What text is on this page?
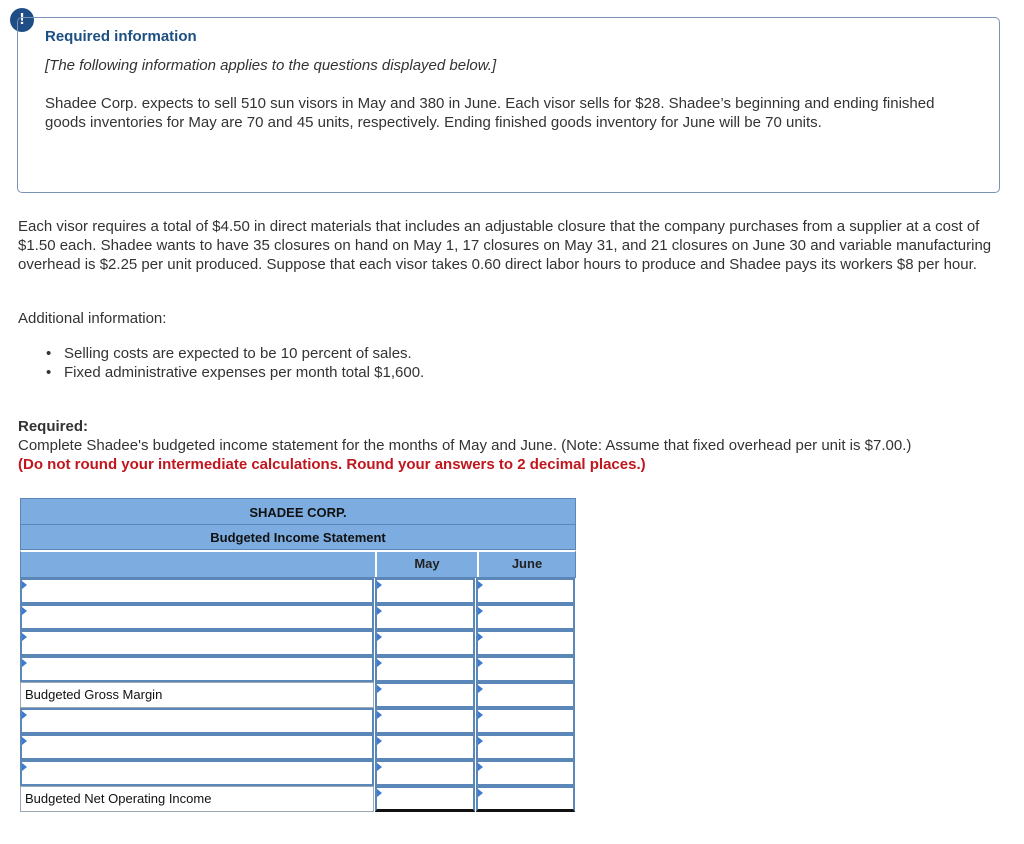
!

Required information

[The following information applies to the questions displayed below.]

Shadee Corp. expects to sell 510 sun visors in May and 380 in June. Each visor sells for $28. Shadee’s beginning and ending finished goods inventories for May are 70 and 45 units, respectively. Ending finished goods inventory for June will be 70 units.

Each visor requires a total of $4.50 in direct materials that includes an adjustable closure that the company purchases from a supplier at a cost of $1.50 each. Shadee wants to have 35 closures on hand on May 1, 17 closures on May 31, and 21 closures on June 30 and variable manufacturing overhead is $2.25 per unit produced. Suppose that each visor takes 0.60 direct labor hours to produce and Shadee pays its workers $8 per hour.

Additional information:

• Selling costs are expected to be 10 percent of sales.
• Fixed administrative expenses per month total $1,600.
Required:
Complete Shadee's budgeted income statement for the months of May and June. (Note: Assume that fixed overhead per unit is $7.00.)
(Do not round your intermediate calculations. Round your answers to 2 decimal places.)
SHADEE CORP.
Budgeted Income Statement
May	June
Budgeted Gross Margin
Budgeted Net Operating Income
